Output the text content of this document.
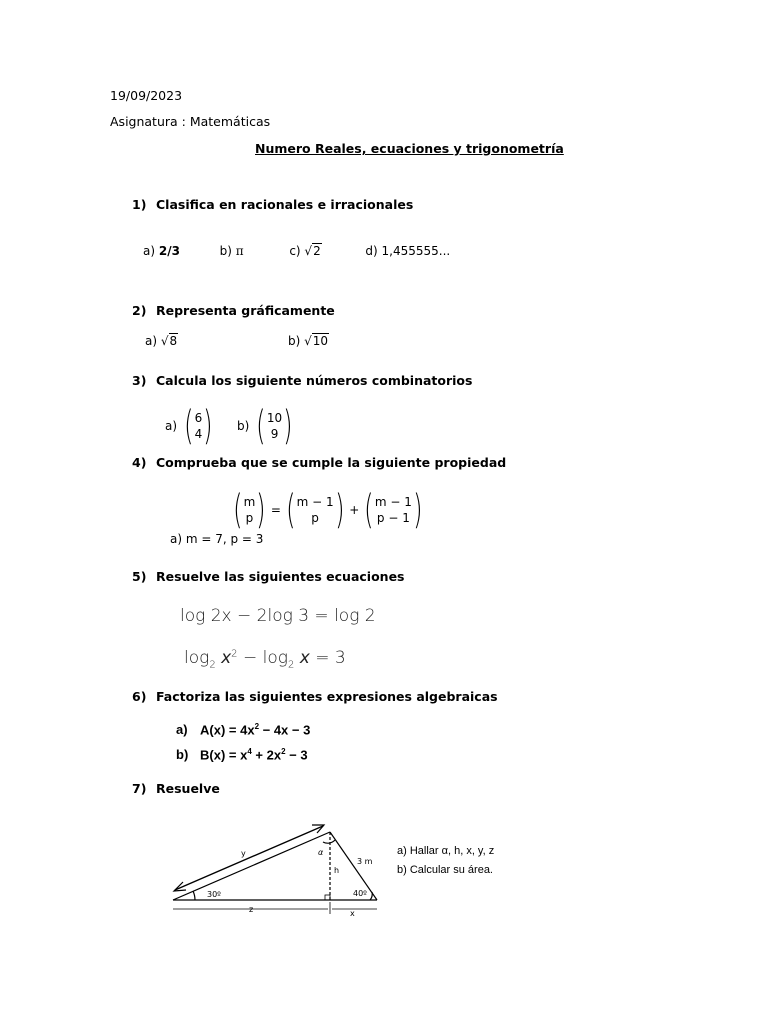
19/09/2023
Asignatura : Matemáticas
Numero Reales, ecuaciones y trigonometría
1) Clasifica en racionales e irracionales
a) 2/3	b) π	c) √2	d) 1,455555...
2) Representa gráficamente
a) √8	b) √10
3) Calcula los siguiente números combinatorios
a) ( 6
4 ) b) ( 10
9 )
4) Comprueba que se cumple la siguiente propiedad
( m
p ) = ( m − 1
p ) + ( m − 1
p − 1 )
a) m = 7, p = 3
5) Resuelve las siguientes ecuaciones
log 2x − 2log 3 = log 2
$\log_2 x^2 - \log_2 x = 3$
6) Factoriza las siguientes expresiones algebraicas
a) $A(x) = 4x^2 - 4x - 3$
b) $B(x) = x^4 + 2x^2 - 3$
7) Resuelve
y	α
3 m
h
30º	40º
z	x
a) Hallar α, h, x, y, z
b) Calcular su área.
